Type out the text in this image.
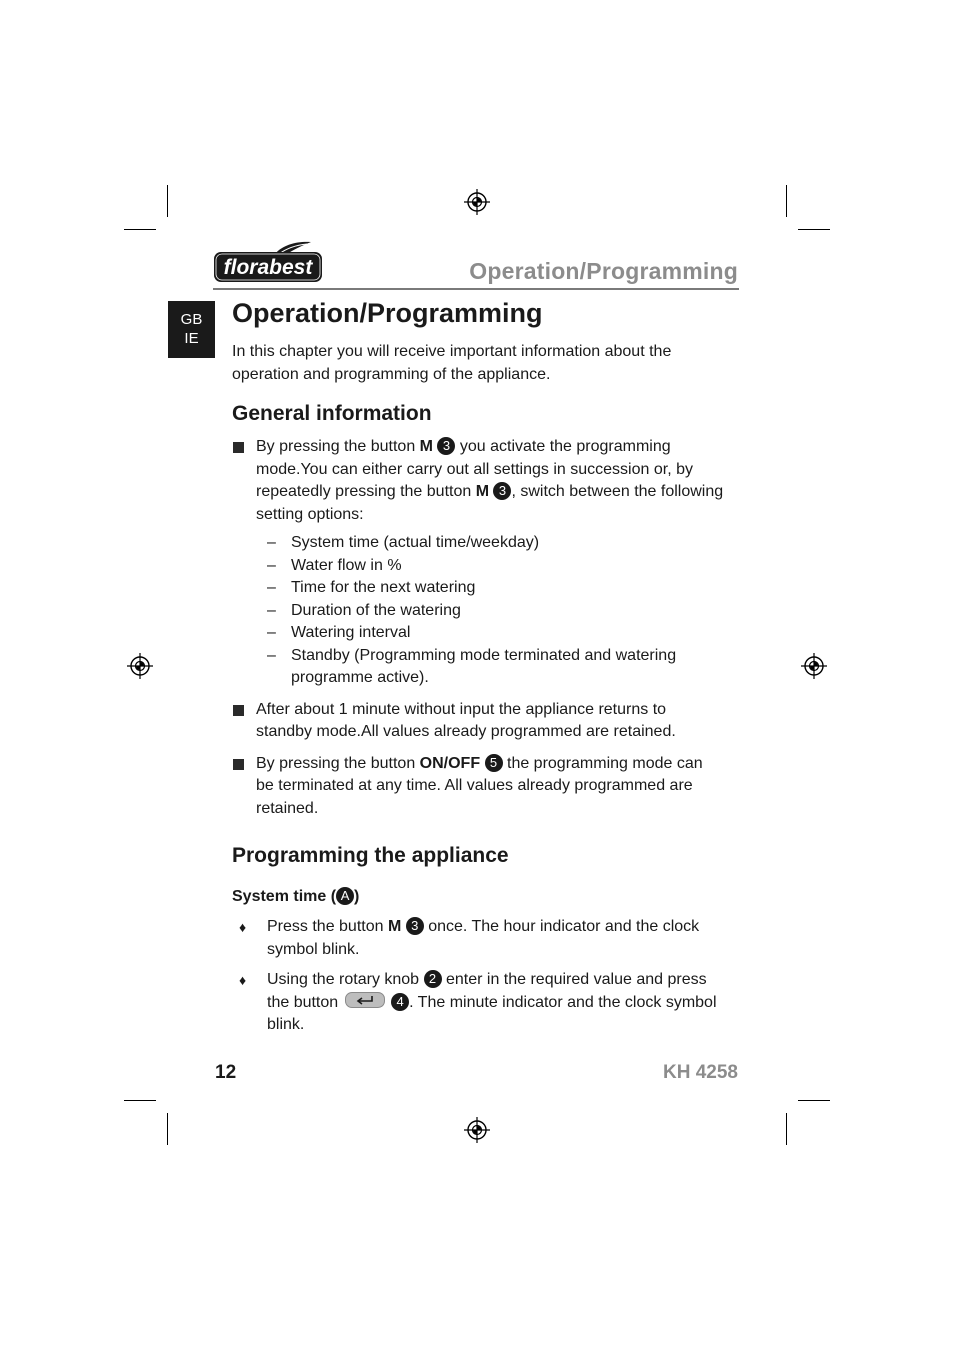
florabest	Operation/Programming
GB
IE
Operation/Programming

In this chapter you will receive important information about the operation and programming of the appliance.

General information
By pressing the button M 3 you activate the programming mode.You can either carry out all settings in succession or, by repeatedly pressing the button M 3 , switch between the following setting options:
– System time (actual time/weekday)
– Water flow in %
– Time for the next watering
– Duration of the watering
– Watering interval
– Standby (Programming mode terminated and watering programme active).
After about 1 minute without input the appliance returns to standby mode.All values already programmed are retained.
By pressing the button ON/OFF 5 the programming mode can be terminated at any time. All values already programmed are retained.
Programming the appliance
System time ( A )
♦ Press the button M 3 once. The hour indicator and the clock symbol blink.
♦ Using the rotary knob 2 enter in the required value and press the button	4 . The minute indicator and the clock symbol blink.
12	KH 4258
